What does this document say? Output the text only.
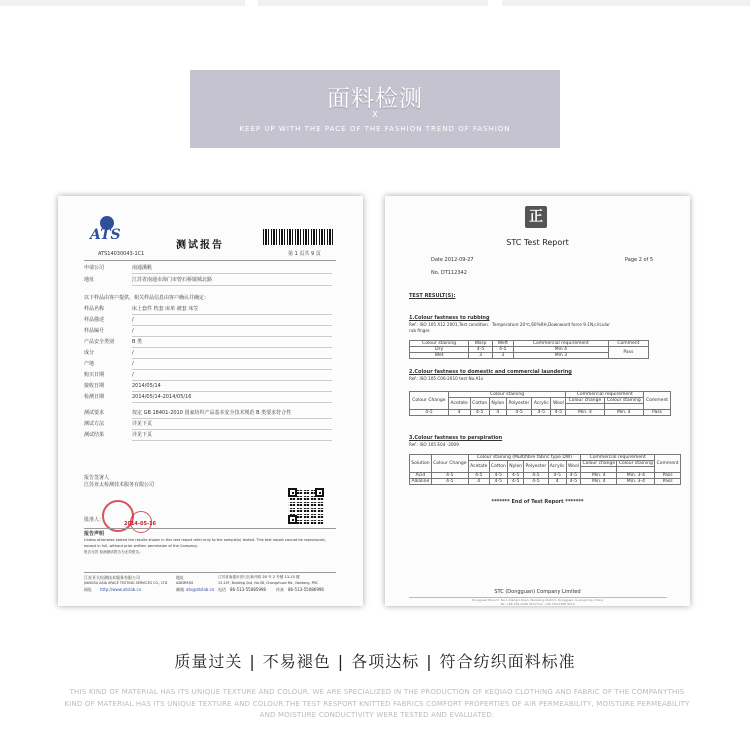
面料检测
X
KEEP UP WITH THE PACE OF THE FASHION TREND OF FASHION
ATS
测试报告
ATS14030043-1C1	第 1 页共 9 页
申请公司	南通溪帆
地址	江苏省南通市海门市曾石桥镇城北路
以下样品由客户提供，相关样品信息由客户确认并确定：
样品名称	床上套件 枕套 床单 被套 床笠
样品描述	/
样品编号	/
产品安全类别	B 类
成分	/
产地	/
购买日期	/
接收日期	2014/05/14
检测日期	2014/05/14-2014/05/16
测试要求	按定 GB 18401-2010 国家纺织产品基本安全技术规范 B 类要求符合性
测试方法	详见下页
测试结果	详见下页
报告签署人
江苏亚太检测技术服务有限公司
批准人：
2014-05-16
报告声明
Unless otherwise stated the results shown in this test report refer only to the sample(s) tested. This test report cannot be reproduced,
except in full, without prior written permission of the Company.
报告无效 检测测试报告为无效报告。
江苏亚太检测技术服务有限公司
JIANGSU ASIA SPACE TESTING SERVICES CO., LTD
网址 http://www.atslab.cn
地址
ADDRESS
邮箱 ats@atslab.cn
江苏省南通市崇川区新开路 28 号 2 号楼 13-15 楼
13-15F, Building 2nd, No.58, Chongchuan Rd., Nantong, PRC
电话 86-513-55085998	传真 86-513-55086996
正
STC Test Report
Date 2012-09-27	Page 2 of 5
No. DT112342
TEST RESULT(S):
1.Colour fastness to rubbing
Ref.: ISO 105 X12 2001,Test condition：Temperature 20℃,60%RH,Downward force 9.1N,circular
rub finger.
Colour staining	Warp	Weft	Commercial requirement	Comment
Dry	4-5	4-5	Min 4	Pass
Wet	3	3	Min 3	
2.Colour fastness to domestic and commercial laundering
Ref.: ISO 105 C06-2010 test No.A1s
Colour Change	Colour staining						Commercial requirement		Comment
	Acetate	Cotton	Nylon	Polyester	Acrylic	Wool	Colour change	Colour staining	

4-5	4	4-5	4	4-5	4-5	4-5	Min. 4	Min. 4	Pass
3.Colour fastness to perspiration
Ref.: ISO 105 E04 -2009
Solution	Colour Change	Colour staining (Multifibre fabric type DW)						Commercial requirement		Comment
		Acetate	Cotton	Nylon	Polyester	Acrylic	Wool	Colour change	Colour staining	

Acid	4-5	4-5	4-5	4-5	4-5	4-5	4-5	Min. 4	Min. 3-4	Pass
Alkaline	4-5	4	4-5	4-5	4-5	4	4-5	Min. 4	Min. 3-4	Pass
******* End of Test Report *******
STC (Dongguan) Company Limited
Dongguan Branch: No.1 Xiangxi Road, Wanjiang District, Dongguan, Guangdong, China
Tel: +86 769 2288 9110 Fax: +86 769 2288 9210
质量过关 | 不易褪色 | 各项达标 | 符合纺织面料标准
THIS KIND OF MATERIAL HAS ITS UNIQUE TEXTURE AND COLOUR. WE ARE SPECIALIZED IN THE PRODUCTION OF KEQIAO CLOTHING AND FABRIC OF THE COMPANYTHIS KIND OF MATERIAL HAS ITS UNIQUE TEXTURE AND COLOUR.THE TEST RESPORT KNITTED FABRICS COMFORT PROPERTIES OF AIR PERMEABILITY, MOISTURE PERMEABILITY AND MOISTURE CONDUCTIVITY WERE TESTED AND EVALUATED.
